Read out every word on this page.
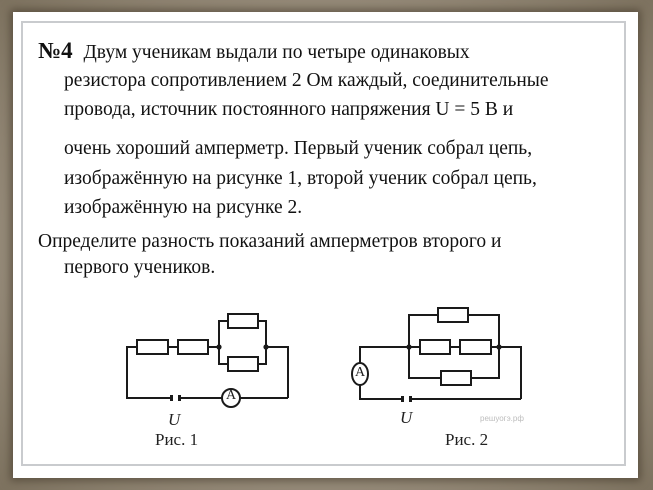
№4 Двум ученикам выдали по четыре одинаковых
резистора сопротивлением 2 Ом каждый, соединительные
провода, источник постоянного напряжения U = 5 В и
очень хороший амперметр. Первый ученик собрал цепь,
изображённую на рисунке 1, второй ученик собрал цепь,
изображённую на рисунке 2.
Определите разность показаний амперметров второго и
первого учеников.
A
U
Рис. 1
A
U	решуогэ.рф
Рис. 2
